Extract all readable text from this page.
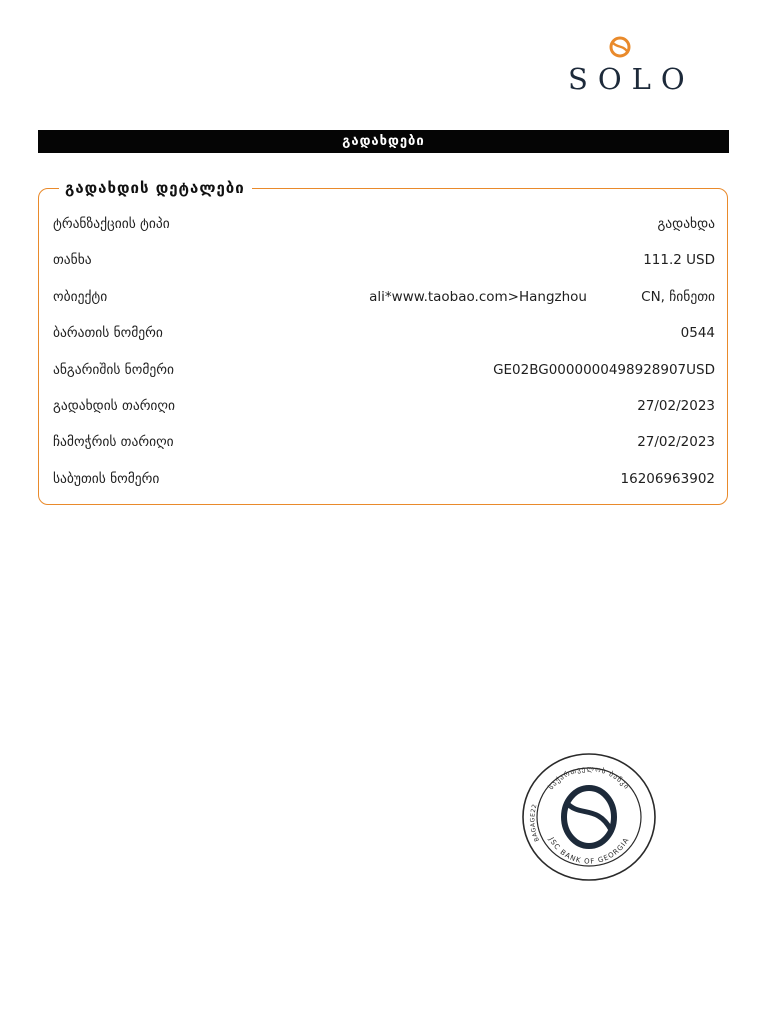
SOLO
გადახდები
გადახდის დეტალები
ტრანზაქციის ტიპი	გადახდა
თანხა	111.2 USD
ობიექტი	ali*www.taobao.com>Hangzhou	CN, ჩინეთი
ბარათის ნომერი	0544
ანგარიშის ნომერი	GE02BG0000000498928907USD
გადახდის თარიღი	27/02/2023
ჩამოჭრის თარიღი	27/02/2023
საბუთის ნომერი	16206963902
საქართველოს ბანკი
JSC BANK OF GEORGIA
BAGAGE22
